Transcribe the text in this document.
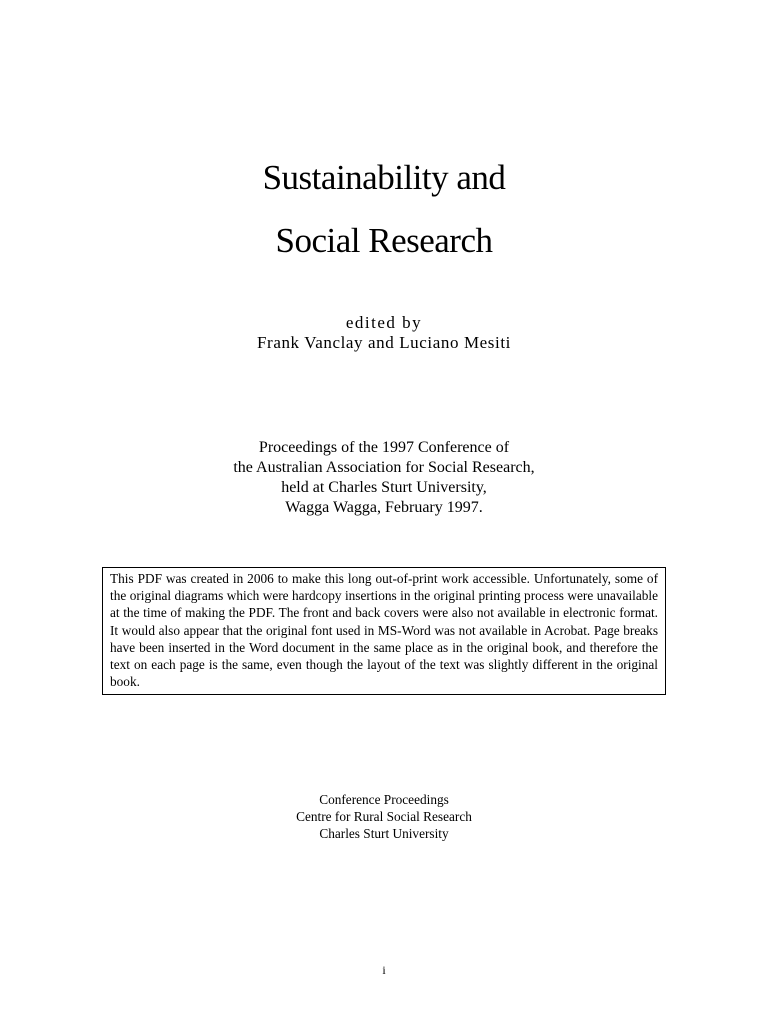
Sustainability and
Social Research
edited by
Frank Vanclay and Luciano Mesiti
Proceedings of the 1997 Conference of
the Australian Association for Social Research,
held at Charles Sturt University,
Wagga Wagga, February 1997.
This PDF was created in 2006 to make this long out-of-print work accessible. Unfortunately, some of the original diagrams which were hardcopy insertions in the original printing process were unavailable at the time of making the PDF. The front and back covers were also not available in electronic format. It would also appear that the original font used in MS-Word was not available in Acrobat. Page breaks have been inserted in the Word document in the same place as in the original book, and therefore the text on each page is the same, even though the layout of the text was slightly different in the original book.
Conference Proceedings
Centre for Rural Social Research
Charles Sturt University
i
